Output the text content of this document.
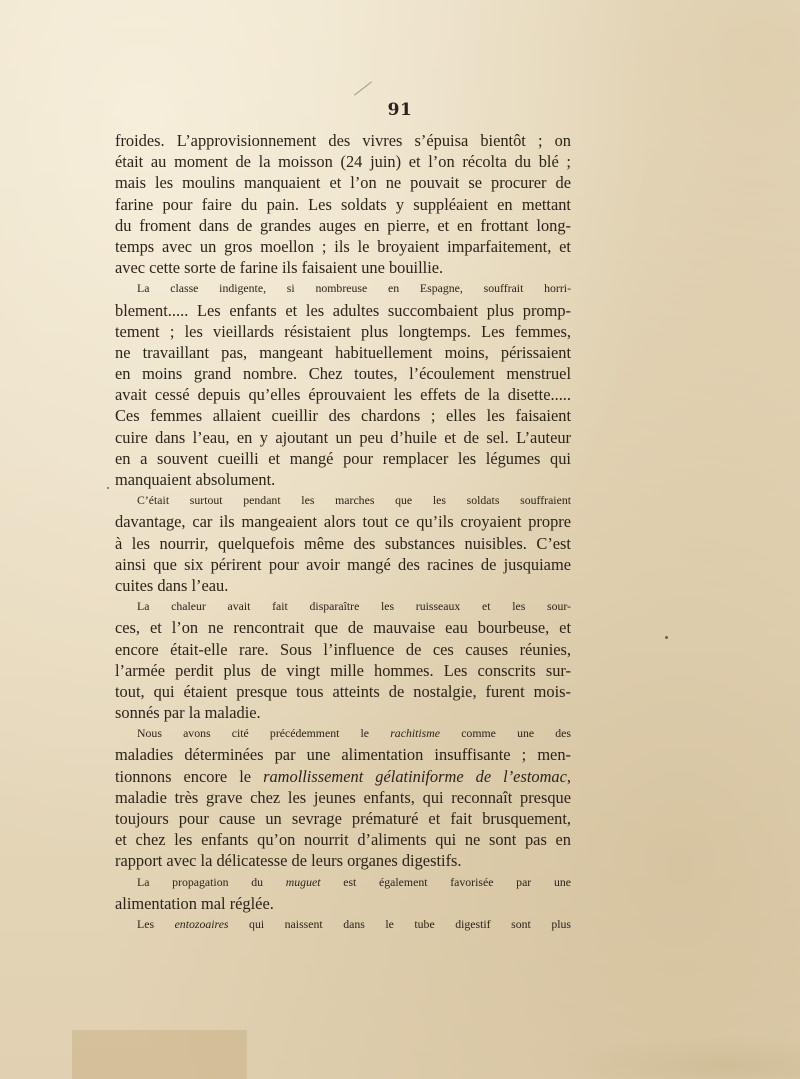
91
froides. L’approvisionnement des vivres s’épuisa bientôt ; on
était au moment de la moisson (24 juin) et l’on récolta du blé ;
mais les moulins manquaient et l’on ne pouvait se procurer de
farine pour faire du pain. Les soldats y suppléaient en mettant
du froment dans de grandes auges en pierre, et en frottant long-
temps avec un gros moellon ; ils le broyaient imparfaitement, et
avec cette sorte de farine ils faisaient une bouillie.
La classe indigente, si nombreuse en Espagne, souffrait horri-
blement..... Les enfants et les adultes succombaient plus promp-
tement ; les vieillards résistaient plus longtemps. Les femmes,
ne travaillant pas, mangeant habituellement moins, périssaient
en moins grand nombre. Chez toutes, l’écoulement menstruel
avait cessé depuis qu’elles éprouvaient les effets de la disette.....
Ces femmes allaient cueillir des chardons ; elles les faisaient
cuire dans l’eau, en y ajoutant un peu d’huile et de sel. L’auteur
en a souvent cueilli et mangé pour remplacer les légumes qui
manquaient absolument.
C’était surtout pendant les marches que les soldats souffraient
davantage, car ils mangeaient alors tout ce qu’ils croyaient propre
à les nourrir, quelquefois même des substances nuisibles. C’est
ainsi que six périrent pour avoir mangé des racines de jusquiame
cuites dans l’eau.
La chaleur avait fait disparaître les ruisseaux et les sour-
ces, et l’on ne rencontrait que de mauvaise eau bourbeuse, et
encore était-elle rare. Sous l’influence de ces causes réunies,
l’armée perdit plus de vingt mille hommes. Les conscrits sur-
tout, qui étaient presque tous atteints de nostalgie, furent mois-
sonnés par la maladie.
Nous avons cité précédemment le rachitisme comme une des
maladies déterminées par une alimentation insuffisante ; men-
tionnons encore le ramollissement gélatiniforme de l’estomac,
maladie très grave chez les jeunes enfants, qui reconnaît presque
toujours pour cause un sevrage prématuré et fait brusquement,
et chez les enfants qu’on nourrit d’aliments qui ne sont pas en
rapport avec la délicatesse de leurs organes digestifs.
La propagation du muguet est également favorisée par une
alimentation mal réglée.
Les entozoaires qui naissent dans le tube digestif sont plus
